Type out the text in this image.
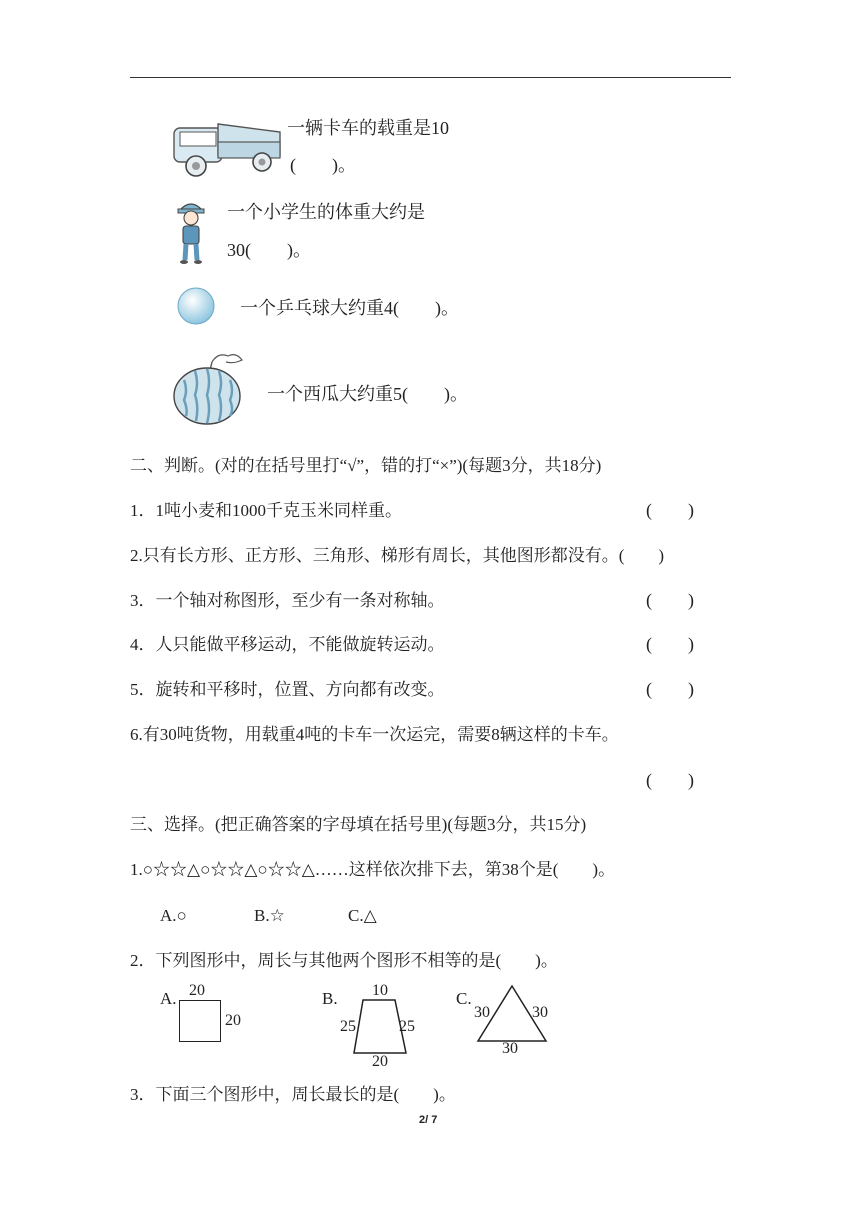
一辆卡车的载重是10
(        )。
一个小学生的体重大约是
30(        )。
一个乒乓球大约重4(        )。
一个西瓜大约重5(        )。
二、判断。(对的在括号里打“√”，错的打“×”)(每题3分，共18分)
1．1吨小麦和1000千克玉米同样重。	(        )
2.只有长方形、正方形、三角形、梯形有周长，其他图形都没有。(        )
3．一个轴对称图形，至少有一条对称轴。	(        )
4．人只能做平移运动，不能做旋转运动。	(        )
5．旋转和平移时，位置、方向都有改变。	(        )
6.有30吨货物，用载重4吨的卡车一次运完，需要8辆这样的卡车。
(        )
三、选择。(把正确答案的字母填在括号里)(每题3分，共15分)
1.○☆☆△○☆☆△○☆☆△……这样依次排下去，第38个是(        )。
A.○	B.☆	C.△
2．下列图形中，周长与其他两个图形不相等的是(        )。
A. 20
20
B. 10
25	25
20
C.
30	30
30
3．下面三个图形中，周长最长的是(        )。
2/ 7
